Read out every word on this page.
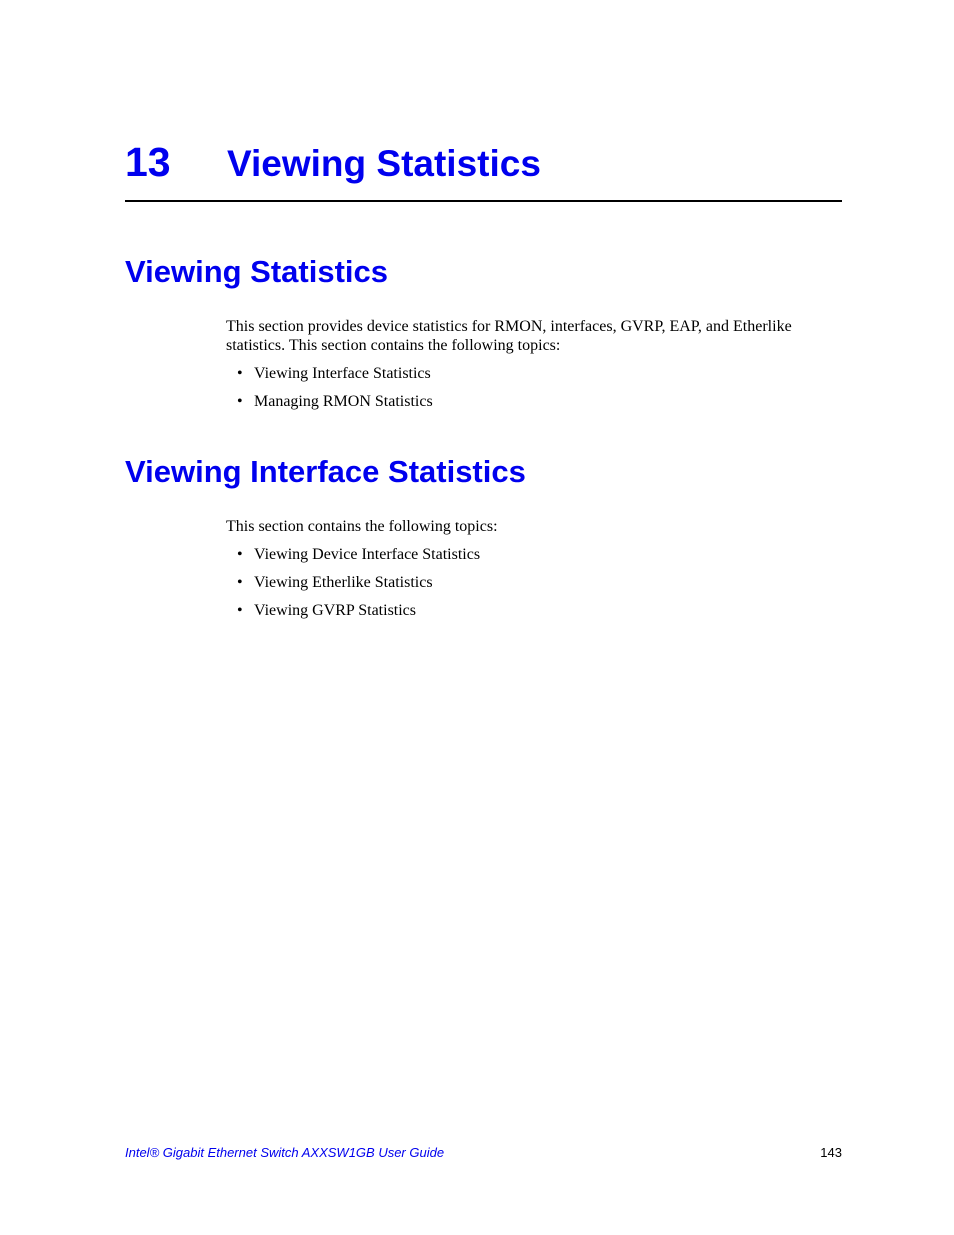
13 Viewing Statistics
Viewing Statistics
This section provides device statistics for RMON, interfaces, GVRP, EAP, and Etherlike statistics. This section contains the following topics:
• Viewing Interface Statistics
• Managing RMON Statistics
Viewing Interface Statistics
This section contains the following topics:
• Viewing Device Interface Statistics
• Viewing Etherlike Statistics
• Viewing GVRP Statistics
Intel® Gigabit Ethernet Switch AXXSW1GB User Guide	143
